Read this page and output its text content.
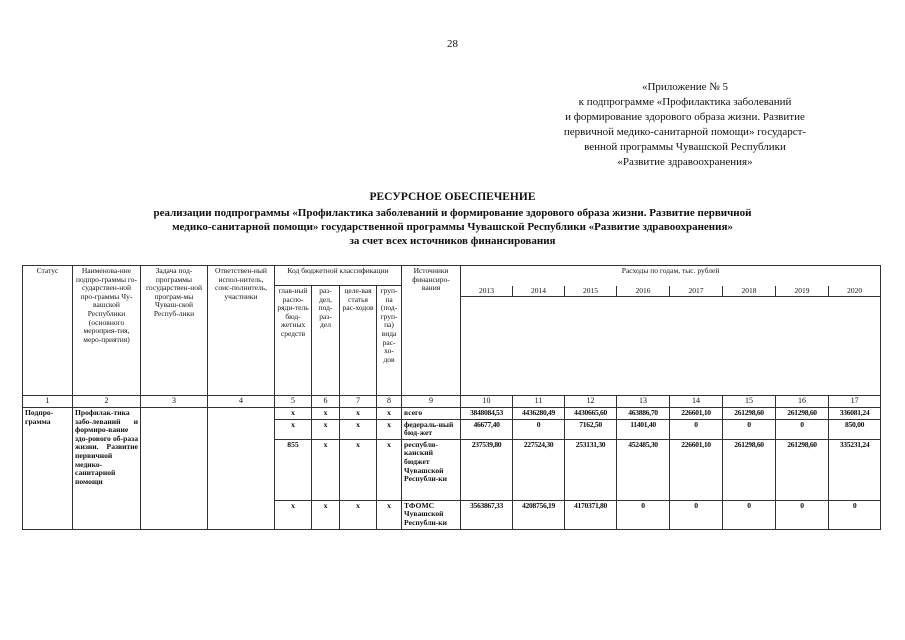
28
«Приложение № 5
к подпрограмме «Профилактика заболеваний
и формирование здорового образа жизни. Развитие
первичной медико-санитарной помощи» государст-
венной программы Чувашской Республики
«Развитие здравоохранения»
РЕСУРСНОЕ ОБЕСПЕЧЕНИЕ
реализации подпрограммы «Профилактика заболеваний и формирование здорового образа жизни. Развитие первичной
медико-санитарной помощи» государственной программы Чувашской Республики «Развитие здравоохранения»
за счет всех источников финансирования
Статус	Наименова-ние подпро-граммы го-сударствен-ной про-граммы Чу-вашской Республики (основного мероприя-тия, меро-приятия)	Задача под-программы государствен-ной програм-мы Чуваш-ской Респуб-лики	Ответствен-ный испол-нитель, соис-полнитель, участники	Код бюджетной классификации				Источники финансиро-вания	Расходы по годам, тыс. рублей							
				глав-ный распо-ряди-тель бюд-жетных средств	раз-дел, под-раз-дел	целе-вая статья рас-ходов	груп-па (под-груп-па) вида рас-хо-дов		2013	2014	2015	2016	2017	2018	2019	2020

1	2	3	4	5	6	7	8	9	10	11	12	13	14	15	16	17
Подпро-грамма	Профилак-тика забо-леваний и формиро-вание здо-рового об-раза жизни. Развитие первичной медико-санитарной помощи			x	x	x	x	всего	3848084,53	4436280,49	4430665,60	463886,70	226601,10	261298,60	261298,60	336081,24
				x	x	x	x	федераль-ный бюд-жет	46677,40	0	7162,50	11401,40	0	0	0	850,00
				855	x	x	x	республи-канский бюджет Чувашской Республи-ки	237539,80	227524,30	253131,30	452485,30	226601,10	261298,60	261298,60	335231,24
				x	x	x	x	ТФОМС Чувашской Республи-ки	3563867,33	4208756,19	4170371,80	0	0	0	0	0
